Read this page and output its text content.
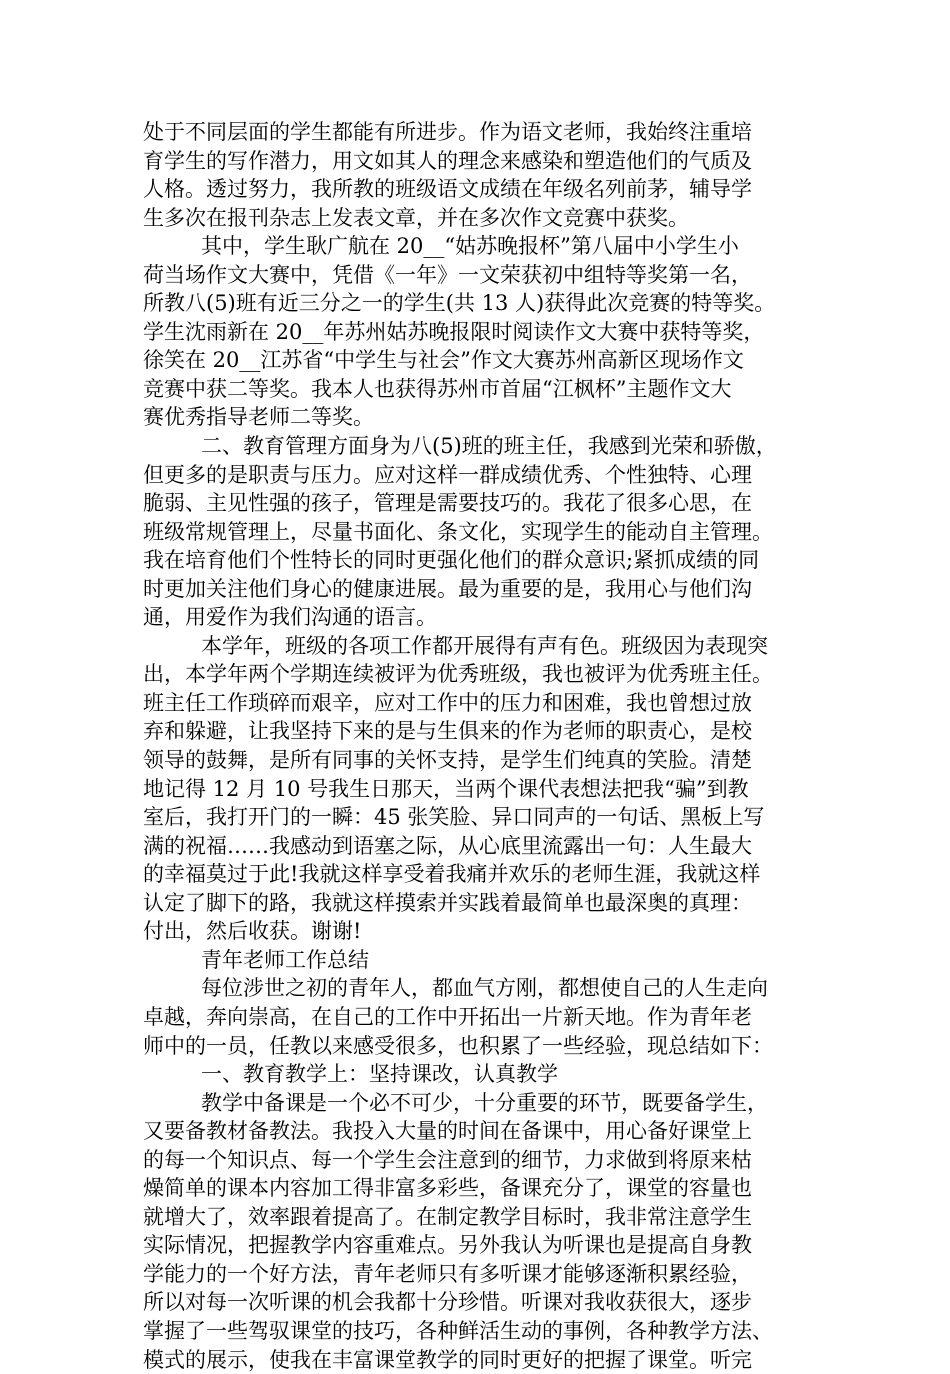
处于不同层面的学生都能有所进步。作为语文老师，我始终注重培
育学生的写作潜力，用文如其人的理念来感染和塑造他们的气质及
人格。透过努力，我所教的班级语文成绩在年级名列前茅，辅导学
生多次在报刊杂志上发表文章，并在多次作文竞赛中获奖。
其中，学生耿广航在 20__“姑苏晚报杯”第八届中小学生小
荷当场作文大赛中，凭借《一年》一文荣获初中组特等奖第一名，
所教八(5)班有近三分之一的学生(共 13 人)获得此次竞赛的特等奖。
学生沈雨新在 20__年苏州姑苏晚报限时阅读作文大赛中获特等奖，
徐笑在 20__江苏省“中学生与社会”作文大赛苏州高新区现场作文
竞赛中获二等奖。我本人也获得苏州市首届“江枫杯”主题作文大
赛优秀指导老师二等奖。
二、教育管理方面身为八(5)班的班主任，我感到光荣和骄傲，
但更多的是职责与压力。应对这样一群成绩优秀、个性独特、心理
脆弱、主见性强的孩子，管理是需要技巧的。我花了很多心思，在
班级常规管理上，尽量书面化、条文化，实现学生的能动自主管理。
我在培育他们个性特长的同时更强化他们的群众意识;紧抓成绩的同
时更加关注他们身心的健康进展。最为重要的是，我用心与他们沟
通，用爱作为我们沟通的语言。
本学年，班级的各项工作都开展得有声有色。班级因为表现突
出，本学年两个学期连续被评为优秀班级，我也被评为优秀班主任。
班主任工作琐碎而艰辛，应对工作中的压力和困难，我也曾想过放
弃和躲避，让我坚持下来的是与生俱来的作为老师的职责心，是校
领导的鼓舞，是所有同事的关怀支持，是学生们纯真的笑脸。清楚
地记得 12 月 10 号我生日那天，当两个课代表想法把我“骗”到教
室后，我打开门的一瞬：45 张笑脸、异口同声的一句话、黑板上写
满的祝福……我感动到语塞之际，从心底里流露出一句：人生最大
的幸福莫过于此!我就这样享受着我痛并欢乐的老师生涯，我就这样
认定了脚下的路，我就这样摸索并实践着最简单也最深奥的真理：
付出，然后收获。谢谢!
青年老师工作总结
每位涉世之初的青年人，都血气方刚，都想使自己的人生走向
卓越，奔向崇高，在自己的工作中开拓出一片新天地。作为青年老
师中的一员，任教以来感受很多，也积累了一些经验，现总结如下：
一、教育教学上：坚持课改，认真教学
教学中备课是一个必不可少，十分重要的环节，既要备学生，
又要备教材备教法。我投入大量的时间在备课中，用心备好课堂上
的每一个知识点、每一个学生会注意到的细节，力求做到将原来枯
燥简单的课本内容加工得非富多彩些，备课充分了，课堂的容量也
就增大了，效率跟着提高了。在制定教学目标时，我非常注意学生
实际情况，把握教学内容重难点。另外我认为听课也是提高自身教
学能力的一个好方法，青年老师只有多听课才能够逐渐积累经验，
所以对每一次听课的机会我都十分珍惜。听课对我收获很大，逐步
掌握了一些驾驭课堂的技巧，各种鲜活生动的事例，各种教学方法、
模式的展示，使我在丰富课堂教学的同时更好的把握了课堂。听完
